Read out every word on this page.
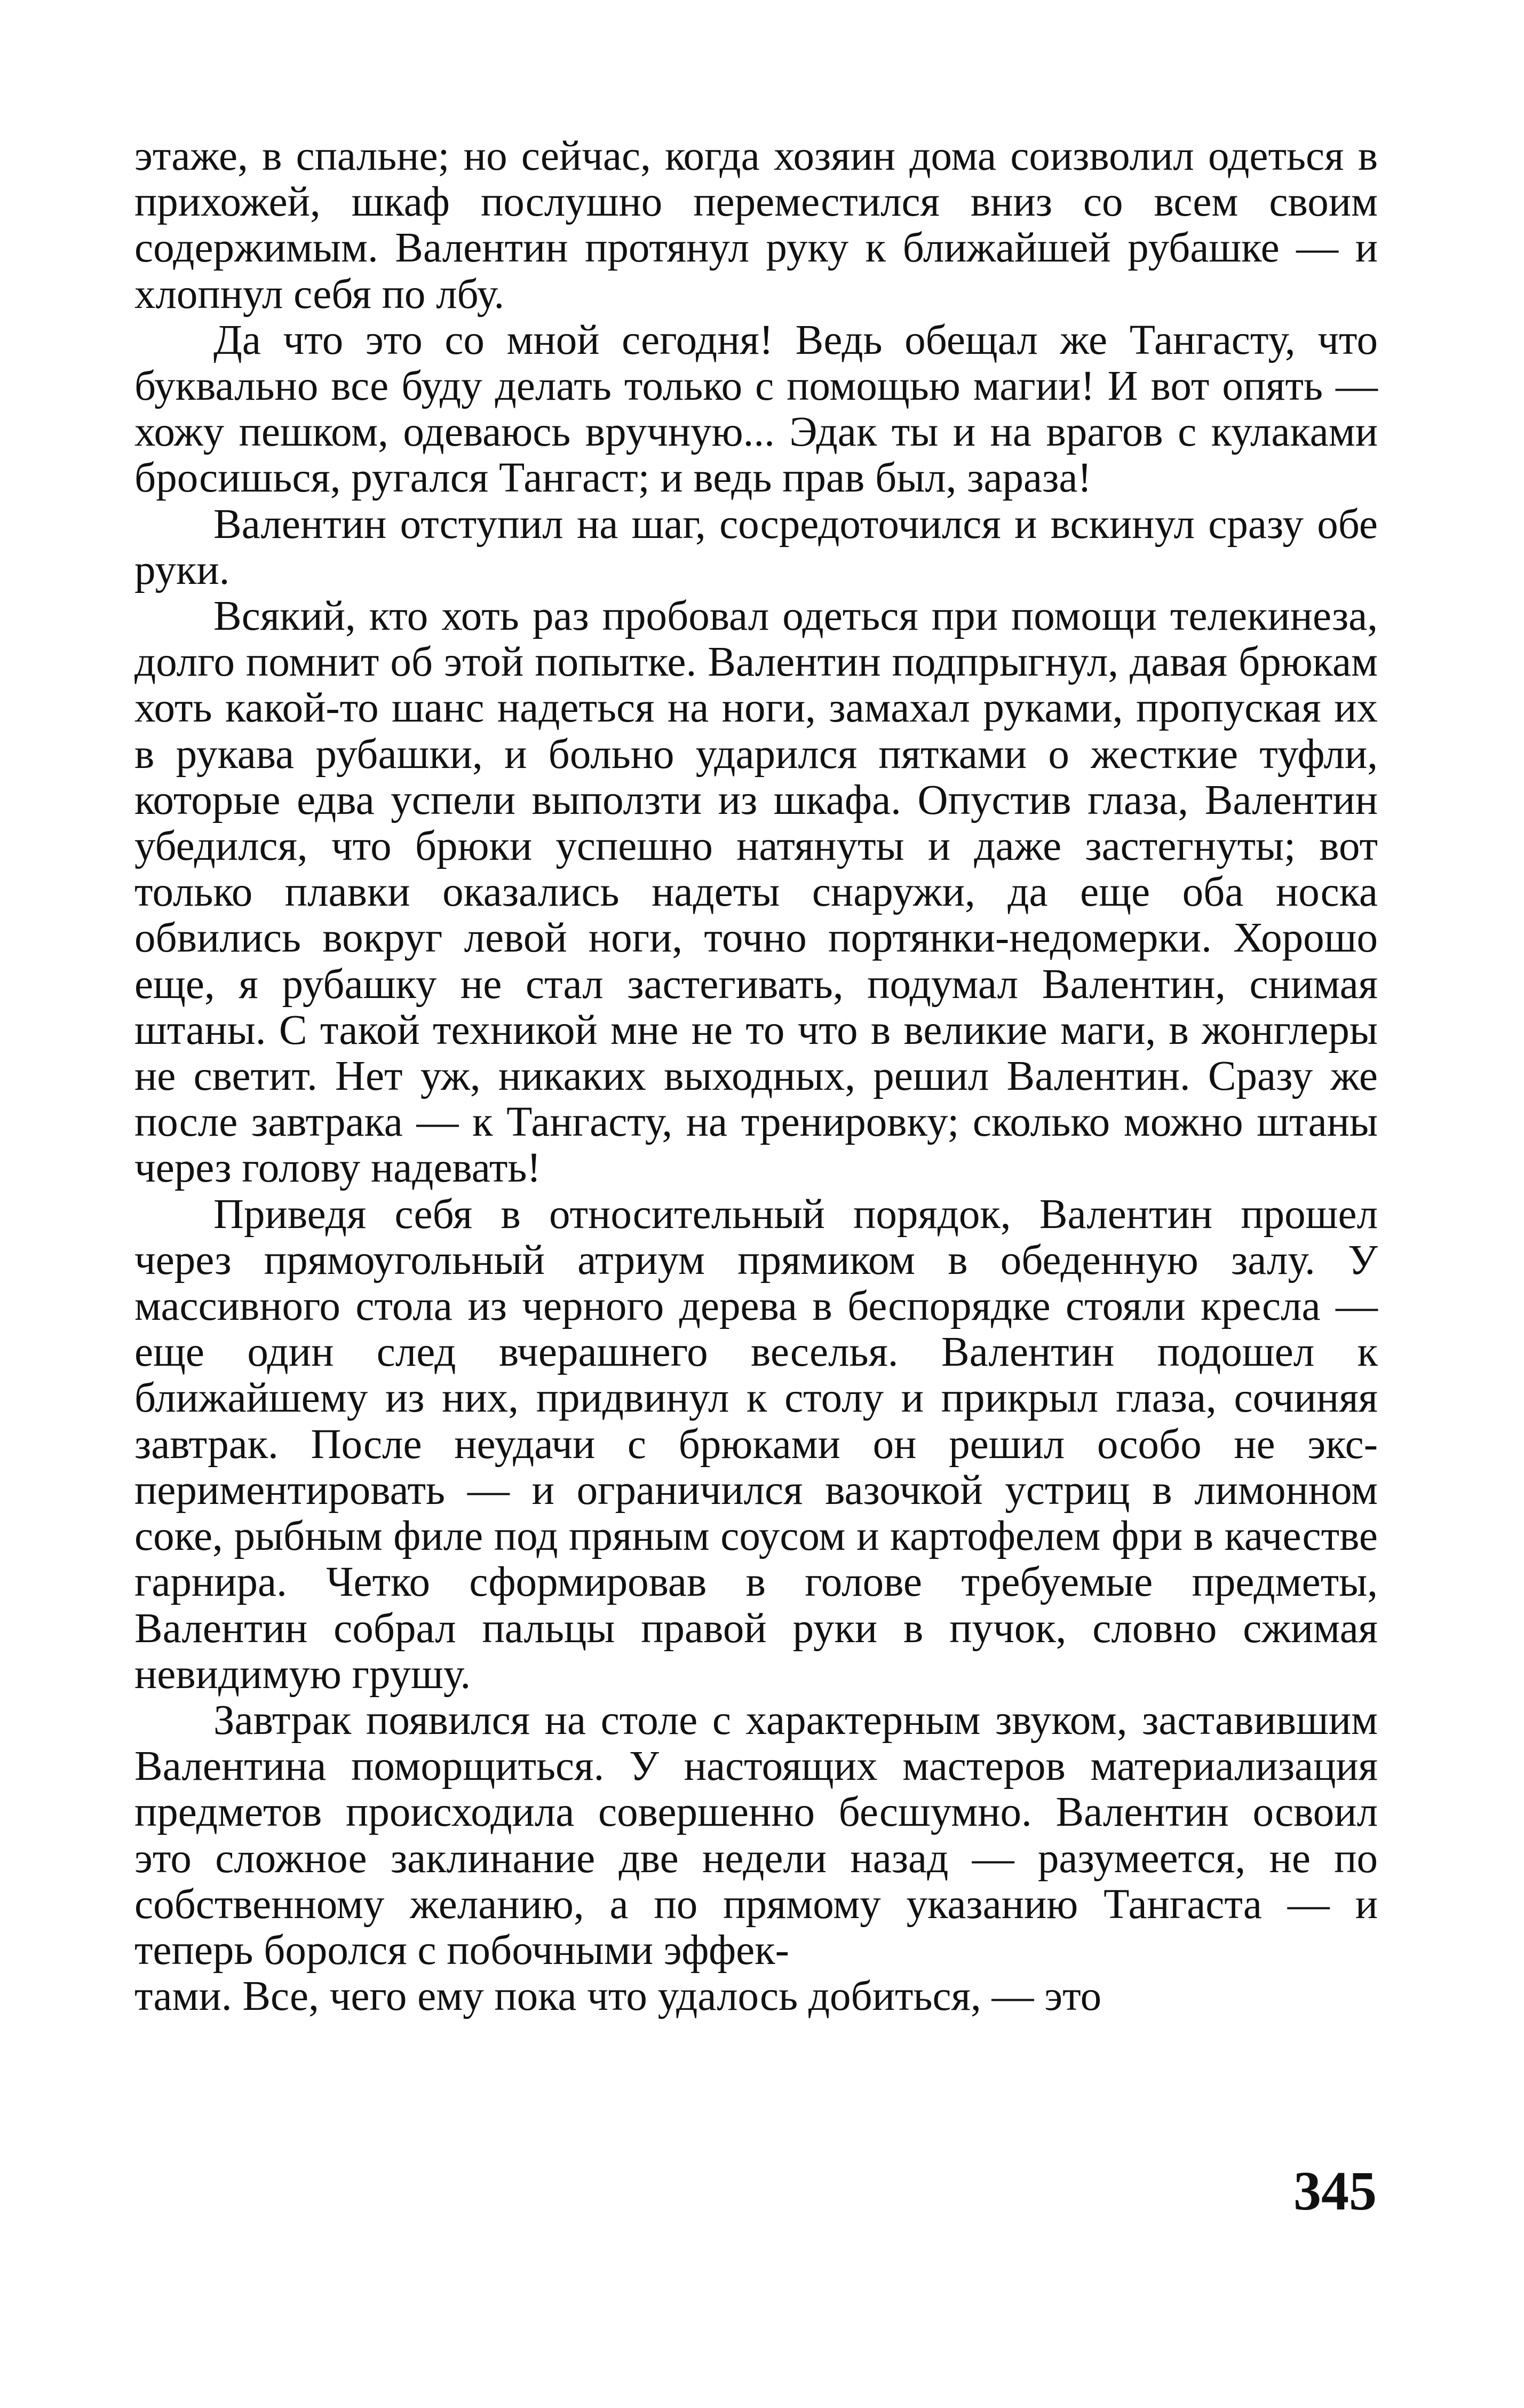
этаже, в спальне; но сейчас, когда хозяин дома соизволил одеться в прихожей, шкаф послушно переместился вниз со всем своим содержимым. Валентин протянул руку к ближайшей рубашке — и хлопнул себя по лбу.

Да что это со мной сегодня! Ведь обещал же Тангасту, что буквально все буду делать только с помощью магии! И вот опять — хожу пешком, одеваюсь вручную... Эдак ты и на врагов с кулаками бросишься, ругался Тангаст; и ведь прав был, зараза!

Валентин отступил на шаг, сосредоточился и вскинул сразу обе руки.

Всякий, кто хоть раз пробовал одеться при помощи телекинеза, долго помнит об этой попытке. Валентин подпрыгнул, давая брюкам хоть какой-то шанс надеться на ноги, замахал руками, пропуская их в рукава рубашки, и больно ударился пятками о жесткие туфли, которые едва успели выползти из шкафа. Опустив глаза, Валентин убедился, что брюки успешно натянуты и даже застегнуты; вот только плавки оказались надеты снаружи, да еще оба носка обвились вокруг левой ноги, точно портянки-недомерки. Хорошо еще, я рубашку не стал застегивать, подумал Валентин, снимая штаны. С такой техникой мне не то что в великие маги, в жонглеры не светит. Нет уж, никаких выходных, решил Валентин. Сразу же после завтрака — к Тангасту, на тренировку; сколько можно штаны через голову надевать!

Приведя себя в относительный порядок, Валентин прошел через прямоугольный атриум прямиком в обеденную залу. У массивного стола из черного дерева в беспорядке стояли кресла — еще один след вчерашнего веселья. Валентин подошел к ближайшему из них, придвинул к столу и прикрыл глаза, сочиняя завтрак. После неудачи с брюками он решил особо не экспериментировать — и ограничился вазочкой устриц в лимонном соке, рыбным филе под пряным соусом и картофелем фри в качестве гарнира. Четко сформировав в голове требуемые предметы, Валентин собрал пальцы правой руки в пучок, словно сжимая невидимую грушу.

Завтрак появился на столе с характерным звуком, заставившим Валентина поморщиться. У настоящих мастеров материализация предметов происходила совершенно бесшумно. Валентин освоил это сложное заклинание две недели назад — разумеется, не по собственному желанию, а по прямому указанию Тангаста — и теперь боролся с побочными эффек-

тами. Все, чего ему пока что удалось добиться, — это
345
